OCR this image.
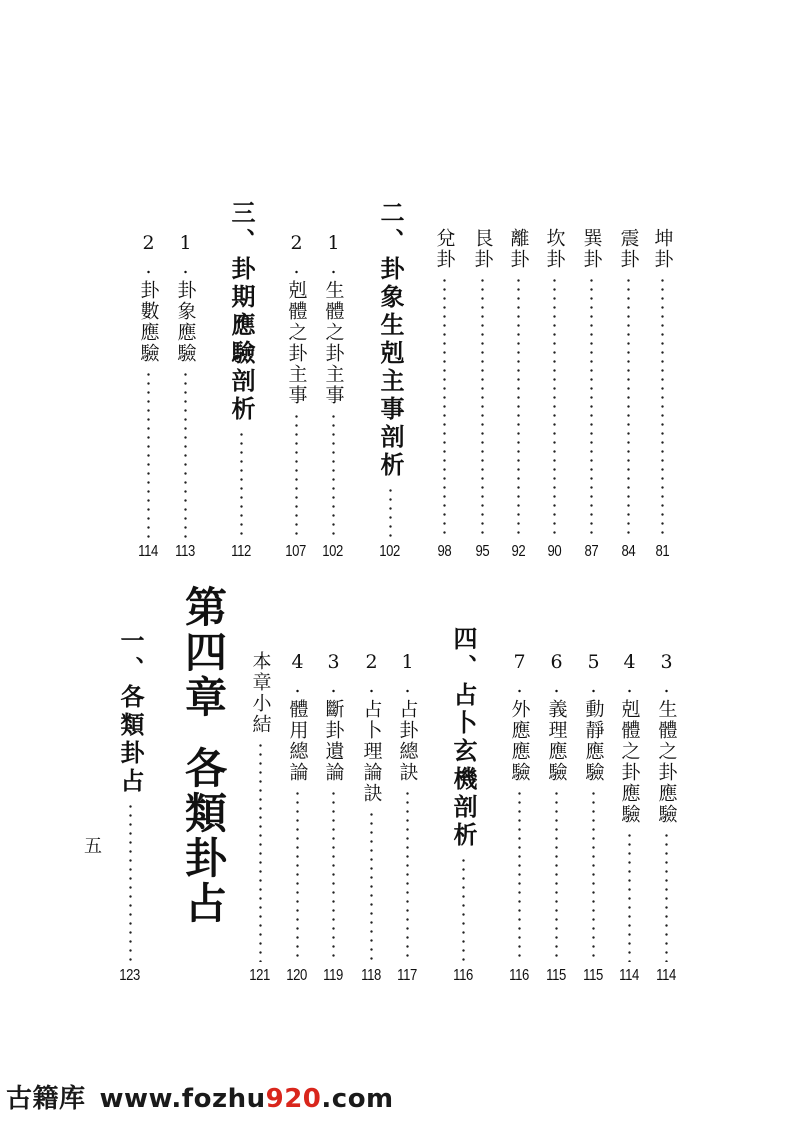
坤卦
81
震卦
84
巽卦
87
坎卦
90
離卦
92
艮卦
95
兌卦
98
二、卦象生剋主事剖析
102
1.生體之卦主事
102
2.剋體之卦主事
107
三、卦期應驗剖析
112
1.卦象應驗
113
2.卦數應驗
114
3.生體之卦應驗
114
4.剋體之卦應驗
114
5.動靜應驗
115
6.義理應驗
115
7.外應應驗
116
四、占卜玄機剖析
116
1.占卦總訣
117
2.占卜理論訣
118
3.斷卦遺論
119
4.體用總論
120
本章小結
121
第四章各類卦占
一、各類卦占
123
五
古籍库 www.fozhu920.com
